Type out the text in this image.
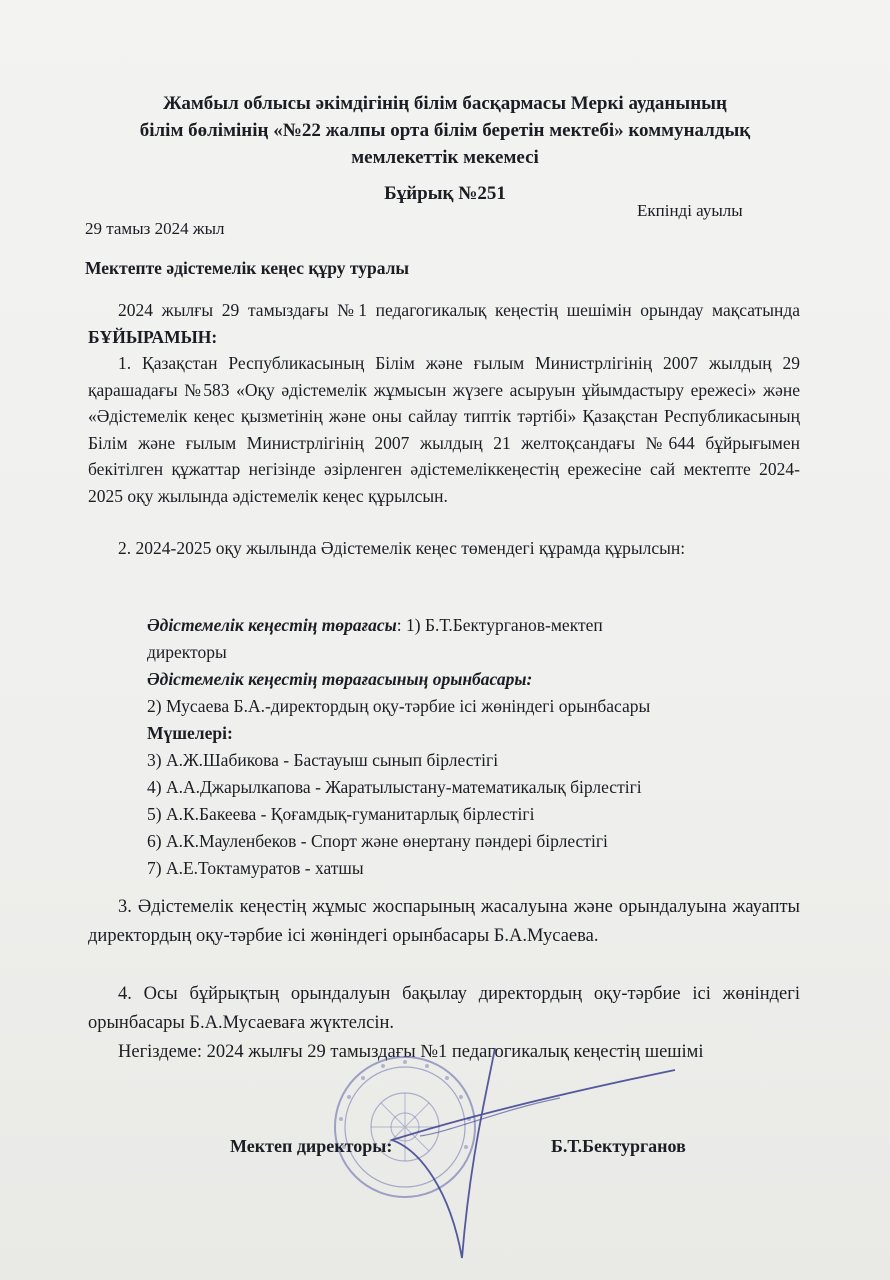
Жамбыл облысы әкімдігінің білім басқармасы Меркі ауданының
білім бөлімінің «№22 жалпы орта білім беретін мектебі» коммуналдық
мемлекеттік мекемесі
Бұйрық №251
Екпінді ауылы
29 тамыз 2024 жыл
Мектепте әдістемелік кеңес құру туралы

2024 жылғы 29 тамыздағы №1 педагогикалық кеңестің шешімін орындау мақсатында БҰЙЫРАМЫН:

1. Қазақстан Республикасының Білім және ғылым Министрлігінің 2007 жылдың 29 қарашадағы №583 «Оқу әдістемелік жұмысын жүзеге асыруын ұйымдастыру ережесі» және «Әдістемелік кеңес қызметінің және оны сайлау типтік тәртібі» Қазақстан Республикасының Білім және ғылым Министрлігінің 2007 жылдың 21 желтоқсандағы №644 бұйрығымен бекітілген құжаттар негізінде әзірленген әдістемеліккеңестің ережесіне сай мектепте 2024-2025 оқу жылында әдістемелік кеңес құрылсын.

2. 2024-2025 оқу жылында Әдістемелік кеңес төмендегі құрамда құрылсын:

Әдістемелік кеңестің төрағасы: 1) Б.Т.Бектурганов-мектеп
директоры
Әдістемелік кеңестің төрағасының орынбасары:
2) Мусаева Б.А.-директордың оқу-тәрбие ісі жөніндегі орынбасары
Мүшелері:
3) А.Ж.Шабикова - Бастауыш сынып бірлестігі
4) А.А.Джарылкапова - Жаратылыстану-математикалық бірлестігі
5) А.К.Бакеева - Қоғамдық-гуманитарлық бірлестігі
6) А.К.Мауленбеков - Спорт және өнертану пәндері бірлестігі
7) А.Е.Токтамуратов - хатшы

3. Әдістемелік кеңестің жұмыс жоспарының жасалуына және орындалуына жауапты директордың оқу-тәрбие ісі жөніндегі орынбасары Б.А.Мусаева.

4. Осы бұйрықтың орындалуын бақылау директордың оқу-тәрбие ісі жөніндегі орынбасары Б.А.Мусаеваға жүктелсін.

Негіздеме: 2024 жылғы 29 тамыздағы №1 педагогикалық кеңестің шешімі

Мектеп директоры:	Б.Т.Бектурганов
